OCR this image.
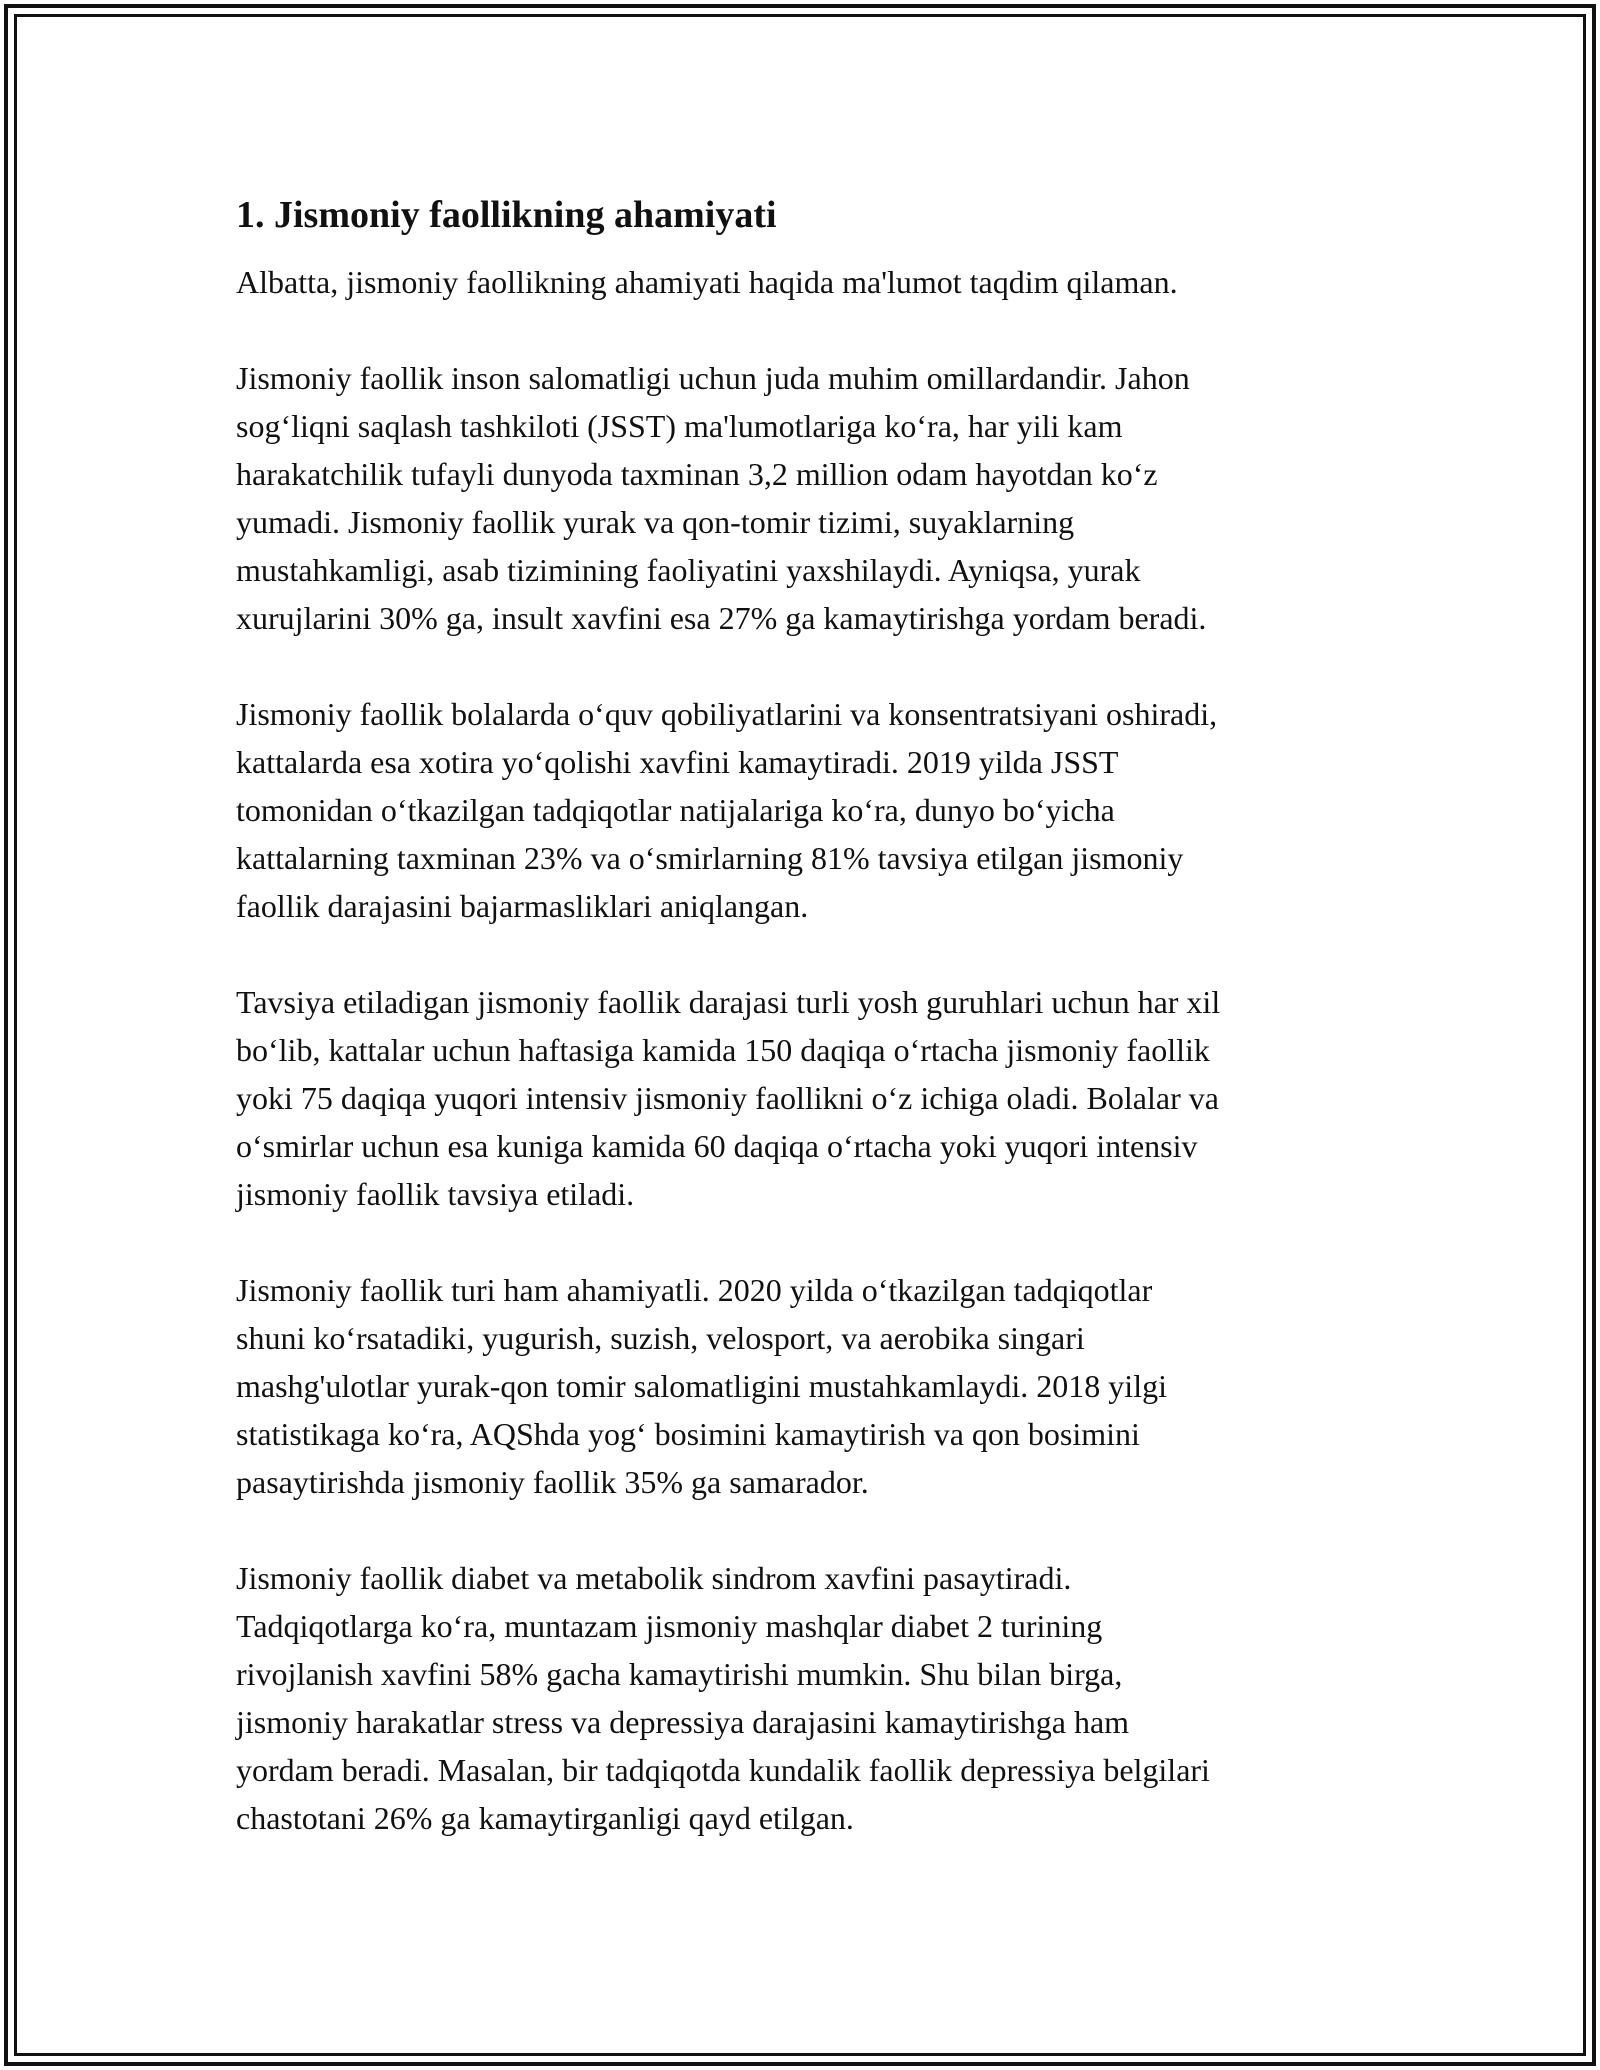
1. Jismoniy faollikning ahamiyati

Albatta, jismoniy faollikning ahamiyati haqida ma'lumot taqdim qilaman.

Jismoniy faollik inson salomatligi uchun juda muhim omillardandir. Jahon
sog‘liqni saqlash tashkiloti (JSST) ma'lumotlariga ko‘ra, har yili kam
harakatchilik tufayli dunyoda taxminan 3,2 million odam hayotdan ko‘z
yumadi. Jismoniy faollik yurak va qon-tomir tizimi, suyaklarning
mustahkamligi, asab tizimining faoliyatini yaxshilaydi. Ayniqsa, yurak
xurujlarini 30% ga, insult xavfini esa 27% ga kamaytirishga yordam beradi.

Jismoniy faollik bolalarda o‘quv qobiliyatlarini va konsentratsiyani oshiradi,
kattalarda esa xotira yo‘qolishi xavfini kamaytiradi. 2019 yilda JSST
tomonidan o‘tkazilgan tadqiqotlar natijalariga ko‘ra, dunyo bo‘yicha
kattalarning taxminan 23% va o‘smirlarning 81% tavsiya etilgan jismoniy
faollik darajasini bajarmasliklari aniqlangan.

Tavsiya etiladigan jismoniy faollik darajasi turli yosh guruhlari uchun har xil
bo‘lib, kattalar uchun haftasiga kamida 150 daqiqa o‘rtacha jismoniy faollik
yoki 75 daqiqa yuqori intensiv jismoniy faollikni o‘z ichiga oladi. Bolalar va
o‘smirlar uchun esa kuniga kamida 60 daqiqa o‘rtacha yoki yuqori intensiv
jismoniy faollik tavsiya etiladi.

Jismoniy faollik turi ham ahamiyatli. 2020 yilda o‘tkazilgan tadqiqotlar
shuni ko‘rsatadiki, yugurish, suzish, velosport, va aerobika singari
mashg'ulotlar yurak-qon tomir salomatligini mustahkamlaydi. 2018 yilgi
statistikaga ko‘ra, AQShda yog‘ bosimini kamaytirish va qon bosimini
pasaytirishda jismoniy faollik 35% ga samarador.

Jismoniy faollik diabet va metabolik sindrom xavfini pasaytiradi.
Tadqiqotlarga ko‘ra, muntazam jismoniy mashqlar diabet 2 turining
rivojlanish xavfini 58% gacha kamaytirishi mumkin. Shu bilan birga,
jismoniy harakatlar stress va depressiya darajasini kamaytirishga ham
yordam beradi. Masalan, bir tadqiqotda kundalik faollik depressiya belgilari
chastotani 26% ga kamaytirganligi qayd etilgan.
